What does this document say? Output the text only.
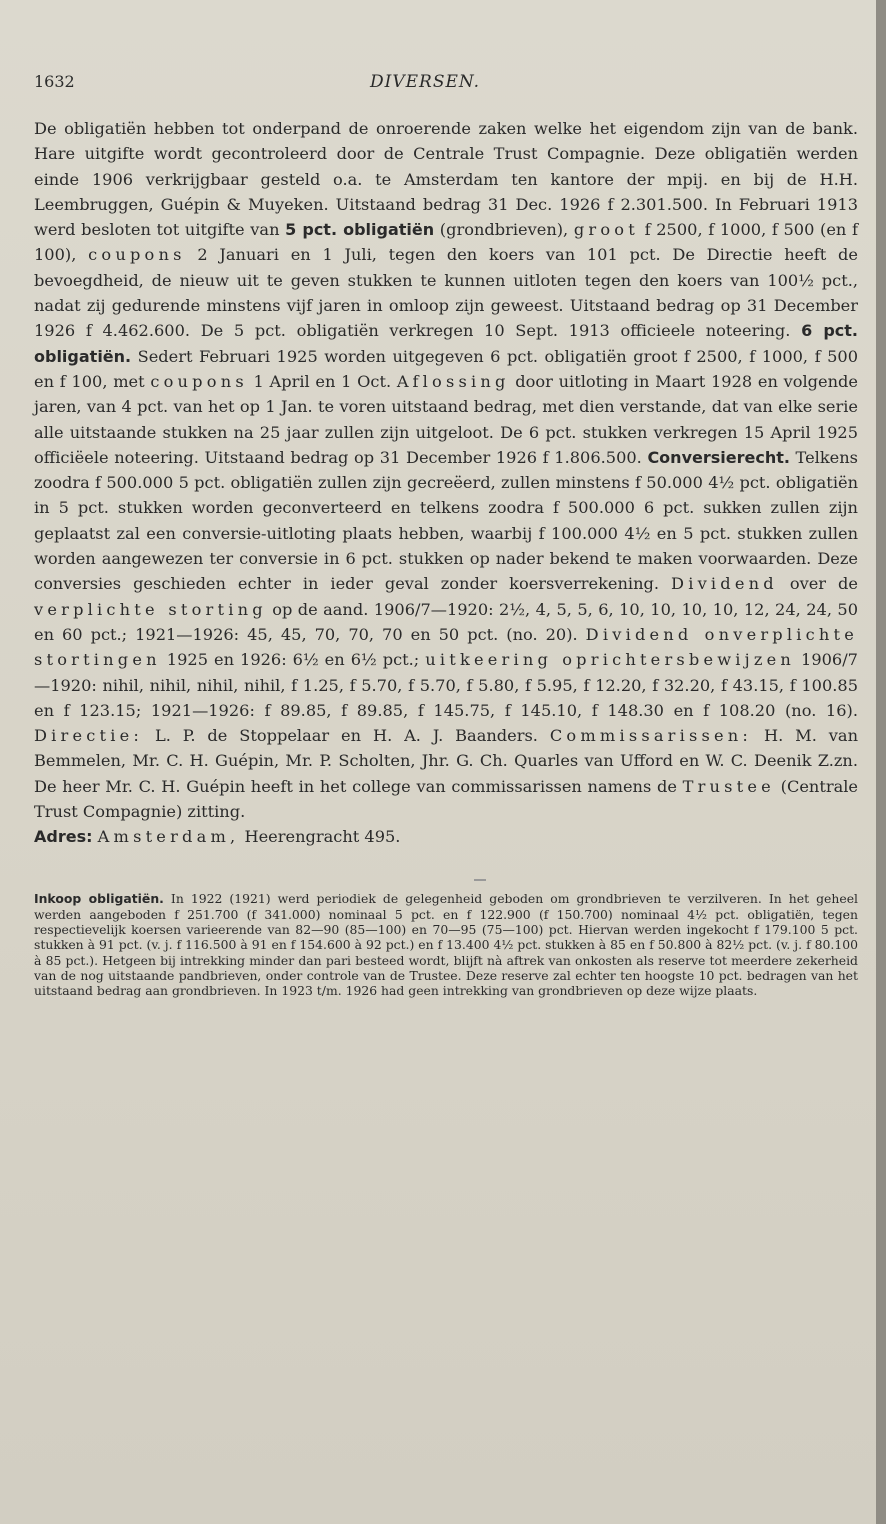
1632	DIVERSEN.
De obligatiën hebben tot onderpand de onroerende zaken welke het eigendom zijn van de bank. Hare uitgifte wordt gecontroleerd door de Centrale Trust Compagnie. Deze obligatiën werden einde 1906 verkrijgbaar gesteld o.a. te Amsterdam ten kantore der mpij. en bij de H.H. Leembruggen, Guépin & Muyeken. Uitstaand bedrag 31 Dec. 1926 f 2.301.500. In Februari 1913 werd besloten tot uitgifte van 5 pct. obligatiën (grondbrieven), groot f 2500, f 1000, f 500 (en f 100), coupons 2 Januari en 1 Juli, tegen den koers van 101 pct. De Directie heeft de bevoegdheid, de nieuw uit te geven stukken te kunnen uitloten tegen den koers van 100½ pct., nadat zij gedurende minstens vijf jaren in omloop zijn geweest. Uitstaand bedrag op 31 December 1926 f 4.462.600. De 5 pct. obligatiën verkregen 10 Sept. 1913 officieele noteering. 6 pct. obligatiën. Sedert Februari 1925 worden uitgegeven 6 pct. obligatiën groot f 2500, f 1000, f 500 en f 100, met coupons 1 April en 1 Oct. Aflossing door uitloting in Maart 1928 en volgende jaren, van 4 pct. van het op 1 Jan. te voren uitstaand bedrag, met dien verstande, dat van elke serie alle uitstaande stukken na 25 jaar zullen zijn uitgeloot. De 6 pct. stukken verkregen 15 April 1925 officiëele noteering. Uitstaand bedrag op 31 December 1926 f 1.806.500. Conversierecht. Telkens zoodra f 500.000 5 pct. obligatiën zullen zijn gecreëerd, zullen minstens f 50.000 4½ pct. obligatiën in 5 pct. stukken worden geconverteerd en telkens zoodra f 500.000 6 pct. sukken zullen zijn geplaatst zal een conversie-uitloting plaats hebben, waarbij f 100.000 4½ en 5 pct. stukken zullen worden aangewezen ter conversie in 6 pct. stukken op nader bekend te maken voorwaarden. Deze conversies geschieden echter in ieder geval zonder koersverrekening. Dividend over de verplichte storting op de aand. 1906/7—1920: 2½, 4, 5, 5, 6, 10, 10, 10, 10, 12, 24, 24, 50 en 60 pct.; 1921—1926: 45, 45, 70, 70, 70 en 50 pct. (no. 20). Dividend onverplichte stortingen 1925 en 1926: 6½ en 6½ pct.; uitkeering oprichtersbewijzen 1906/7—1920: nihil, nihil, nihil, nihil, f 1.25, f 5.70, f 5.70, f 5.80, f 5.95, f 12.20, f 32.20, f 43.15, f 100.85 en f 123.15; 1921—1926: f 89.85, f 89.85, f 145.75, f 145.10, f 148.30 en f 108.20 (no. 16). Directie: L. P. de Stoppelaar en H. A. J. Baanders. Commissarissen: H. M. van Bemmelen, Mr. C. H. Guépin, Mr. P. Scholten, Jhr. G. Ch. Quarles van Ufford en W. C. Deenik Z.zn. De heer Mr. C. H. Guépin heeft in het college van commissarissen namens de Trustee (Centrale Trust Compagnie) zitting.
Adres: Amsterdam, Heerengracht 495.
Inkoop obligatiën. In 1922 (1921) werd periodiek de gelegenheid geboden om grondbrieven te verzilveren. In het geheel werden aangeboden f 251.700 (f 341.000) nominaal 5 pct. en f 122.900 (f 150.700) nominaal 4½ pct. obligatiën, tegen respectievelijk koersen varieerende van 82—90 (85—100) en 70—95 (75—100) pct. Hiervan werden ingekocht f 179.100 5 pct. stukken à 91 pct. (v. j. f 116.500 à 91 en f 154.600 à 92 pct.) en f 13.400 4½ pct. stukken à 85 en f 50.800 à 82½ pct. (v. j. f 80.100 à 85 pct.). Hetgeen bij intrekking minder dan pari besteed wordt, blijft nà aftrek van onkosten als reserve tot meerdere zekerheid van de nog uitstaande pandbrieven, onder controle van de Trustee. Deze reserve zal echter ten hoogste 10 pct. bedragen van het uitstaand bedrag aan grondbrieven. In 1923 t/m. 1926 had geen intrekking van grondbrieven op deze wijze plaats.
